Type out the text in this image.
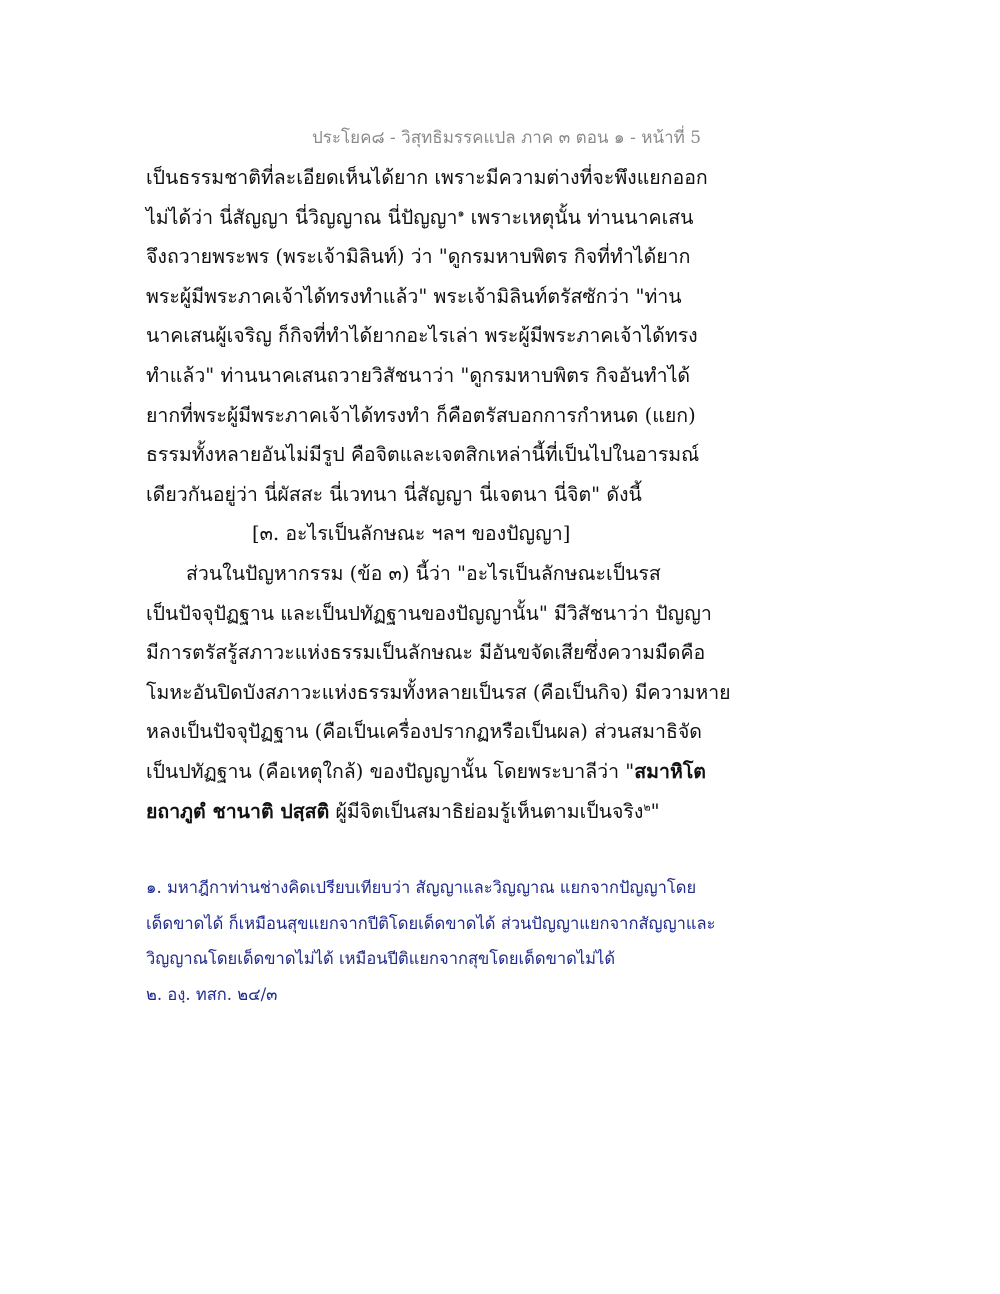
ประโยค๘ - วิสุทธิมรรคแปล ภาค ๓ ตอน ๑ - หน้าที่ 5
เป็นธรรมชาติที่ละเอียดเห็นได้ยาก เพราะมีความต่างที่จะพึงแยกออก
ไม่ได้ว่า นี่สัญญา นี่วิญญาณ นี่ปัญญา$^๑$ เพราะเหตุนั้น ท่านนาคเสน
จึงถวายพระพร (พระเจ้ามิลินท์) ว่า "ดูกรมหาบพิตร กิจที่ทำได้ยาก
พระผู้มีพระภาคเจ้าได้ทรงทำแล้ว" พระเจ้ามิลินท์ตรัสซักว่า "ท่าน
นาคเสนผู้เจริญ ก็กิจที่ทำได้ยากอะไรเล่า พระผู้มีพระภาคเจ้าได้ทรง
ทำแล้ว" ท่านนาคเสนถวายวิสัชนาว่า "ดูกรมหาบพิตร กิจอันทำได้
ยากที่พระผู้มีพระภาคเจ้าได้ทรงทำ ก็คือตรัสบอกการกำหนด (แยก)
ธรรมทั้งหลายอันไม่มีรูป คือจิตและเจตสิกเหล่านี้ที่เป็นไปในอารมณ์
เดียวกันอยู่ว่า นี่ผัสสะ นี่เวทนา นี่สัญญา นี่เจตนา นี่จิต" ดังนี้
[๓. อะไรเป็นลักษณะ ฯลฯ ของปัญญา]
ส่วนในปัญหากรรม (ข้อ ๓) นี้ว่า "อะไรเป็นลักษณะเป็นรส
เป็นปัจจุปัฏฐาน และเป็นปทัฏฐานของปัญญานั้น" มีวิสัชนาว่า ปัญญา
มีการตรัสรู้สภาวะแห่งธรรมเป็นลักษณะ มีอันขจัดเสียซึ่งความมืดคือ
โมหะอันปิดบังสภาวะแห่งธรรมทั้งหลายเป็นรส (คือเป็นกิจ) มีความหาย
หลงเป็นปัจจุปัฏฐาน (คือเป็นเครื่องปรากฏหรือเป็นผล) ส่วนสมาธิจัด
เป็นปทัฏฐาน (คือเหตุใกล้) ของปัญญานั้น โดยพระบาลีว่า "สมาหิโต
ยถาภูตํ ชานาติ ปสฺสติ ผู้มีจิตเป็นสมาธิย่อมรู้เห็นตามเป็นจริง$^๒$"
๑. มหาฎีกาท่านช่างคิดเปรียบเทียบว่า สัญญาและวิญญาณ แยกจากปัญญาโดย
เด็ดขาดได้ ก็เหมือนสุขแยกจากปีติโดยเด็ดขาดได้ ส่วนปัญญาแยกจากสัญญาและ
วิญญาณโดยเด็ดขาดไม่ได้ เหมือนปีติแยกจากสุขโดยเด็ดขาดไม่ได้
๒. องฺ. ทสก. ๒๔/๓
